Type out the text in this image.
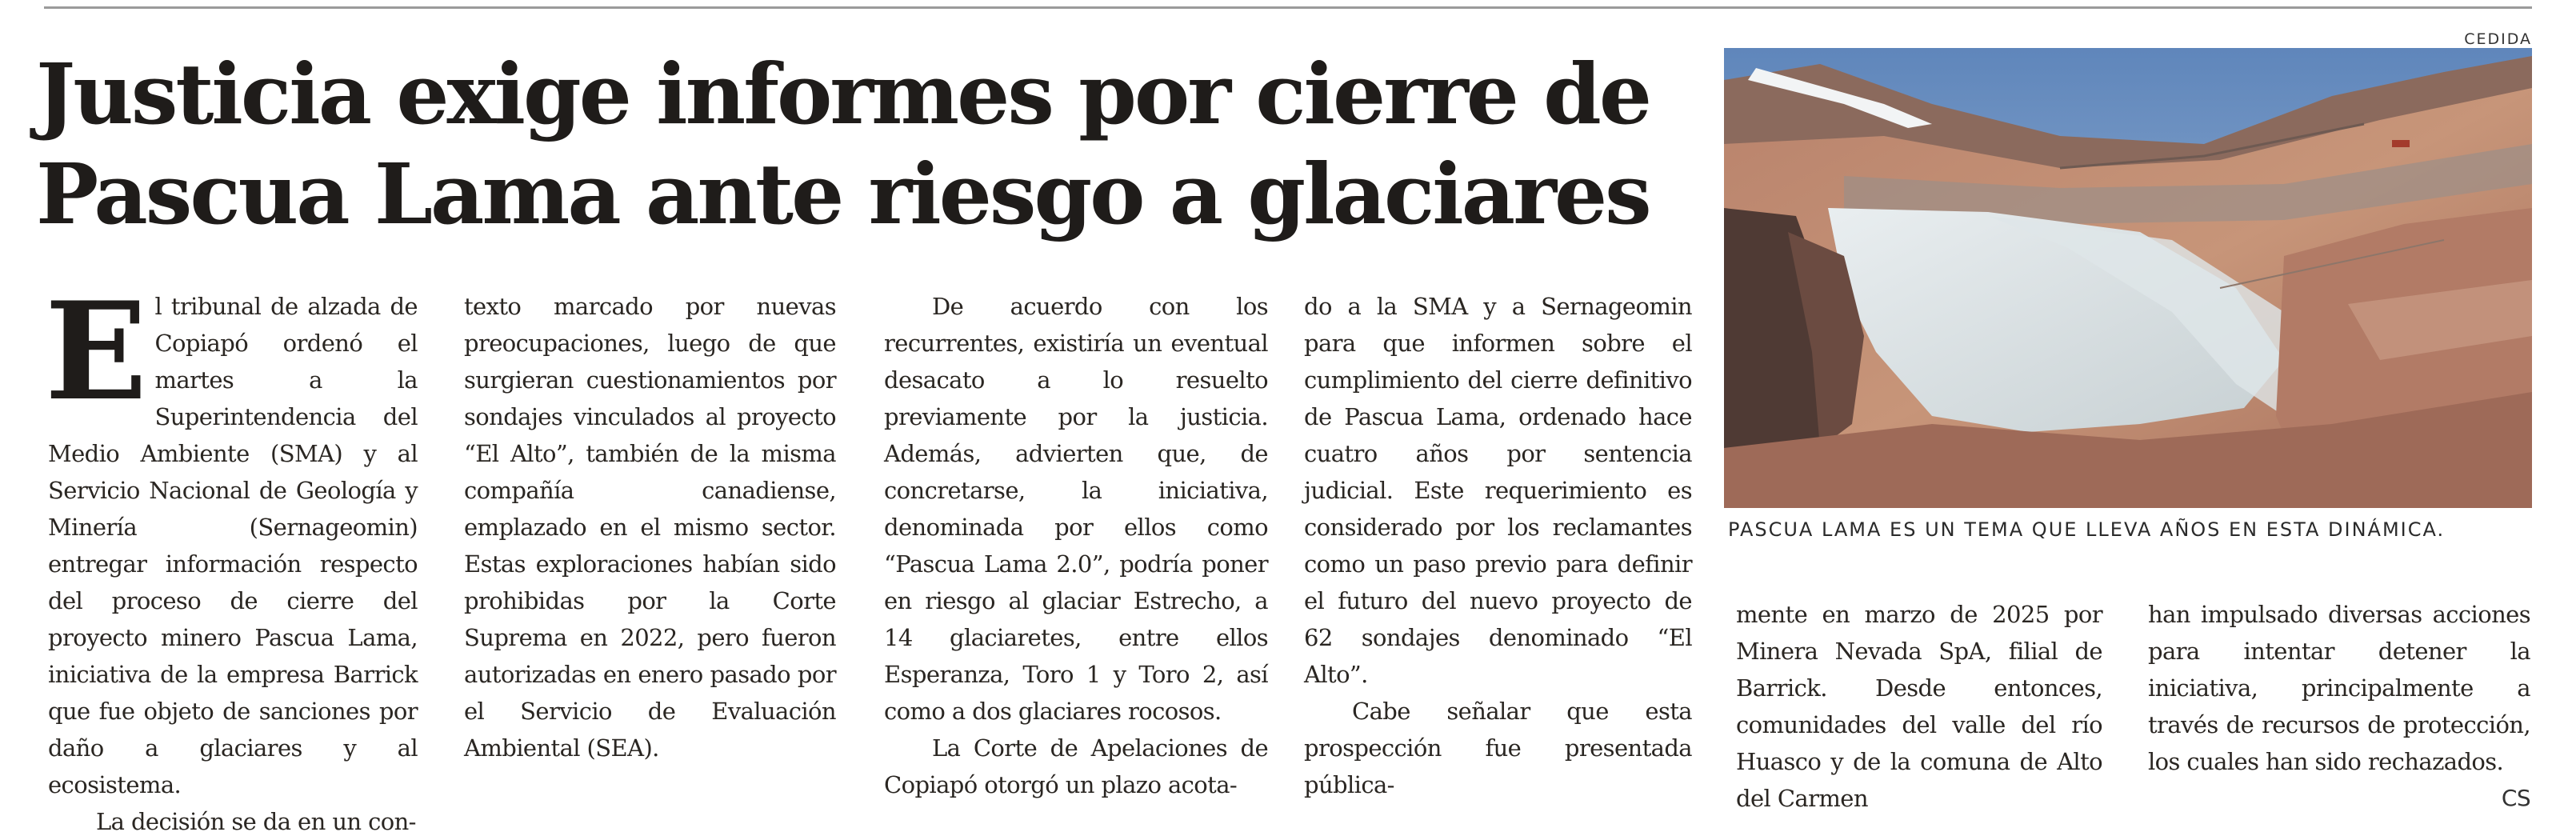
Justicia exige informes por cierre de Pascua Lama ante riesgo a glaciares
CEDIDA
PASCUA LAMA ES UN TEMA QUE LLEVA AÑOS EN ESTA DINÁMICA.

E l tribunal de alzada de Copiapó ordenó el martes a la Superintendencia del Medio Ambiente (SMA) y al Servicio Nacional de Geología y Minería (Sernageomin) entregar información respecto del proceso de cierre del proyecto minero Pascua Lama, iniciativa de la empresa Barrick que fue objeto de sanciones por daño a glaciares y al ecosistema.

La decisión se da en un con-

texto marcado por nuevas preocupaciones, luego de que surgieran cuestionamientos por sondajes vinculados al proyecto “El Alto”, también de la misma compañía canadiense, emplazado en el mismo sector. Estas exploraciones habían sido prohibidas por la Corte Suprema en 2022, pero fueron autorizadas en enero pasado por el Servicio de Evaluación Ambiental (SEA).

De acuerdo con los recurrentes, existiría un eventual desacato a lo resuelto previamente por la justicia. Además, advierten que, de concretarse, la iniciativa, denominada por ellos como “Pascua Lama 2.0”, podría poner en riesgo al glaciar Estrecho, a 14 glaciaretes, entre ellos Esperanza, Toro 1 y Toro 2, así como a dos glaciares rocosos.

La Corte de Apelaciones de Copiapó otorgó un plazo acota-

do a la SMA y a Sernageomin para que informen sobre el cumplimiento del cierre definitivo de Pascua Lama, ordenado hace cuatro años por sentencia judicial. Este requerimiento es considerado por los reclamantes como un paso previo para definir el futuro del nuevo proyecto de 62 sondajes denominado “El Alto”.

Cabe señalar que esta prospección fue presentada pública-

mente en marzo de 2025 por Minera Nevada SpA, filial de Barrick. Desde entonces, comunidades del valle del río Huasco y de la comuna de Alto del Carmen

han impulsado diversas acciones para intentar detener la iniciativa, principalmente a través de recursos de protección, los cuales han sido rechazados.
CS
